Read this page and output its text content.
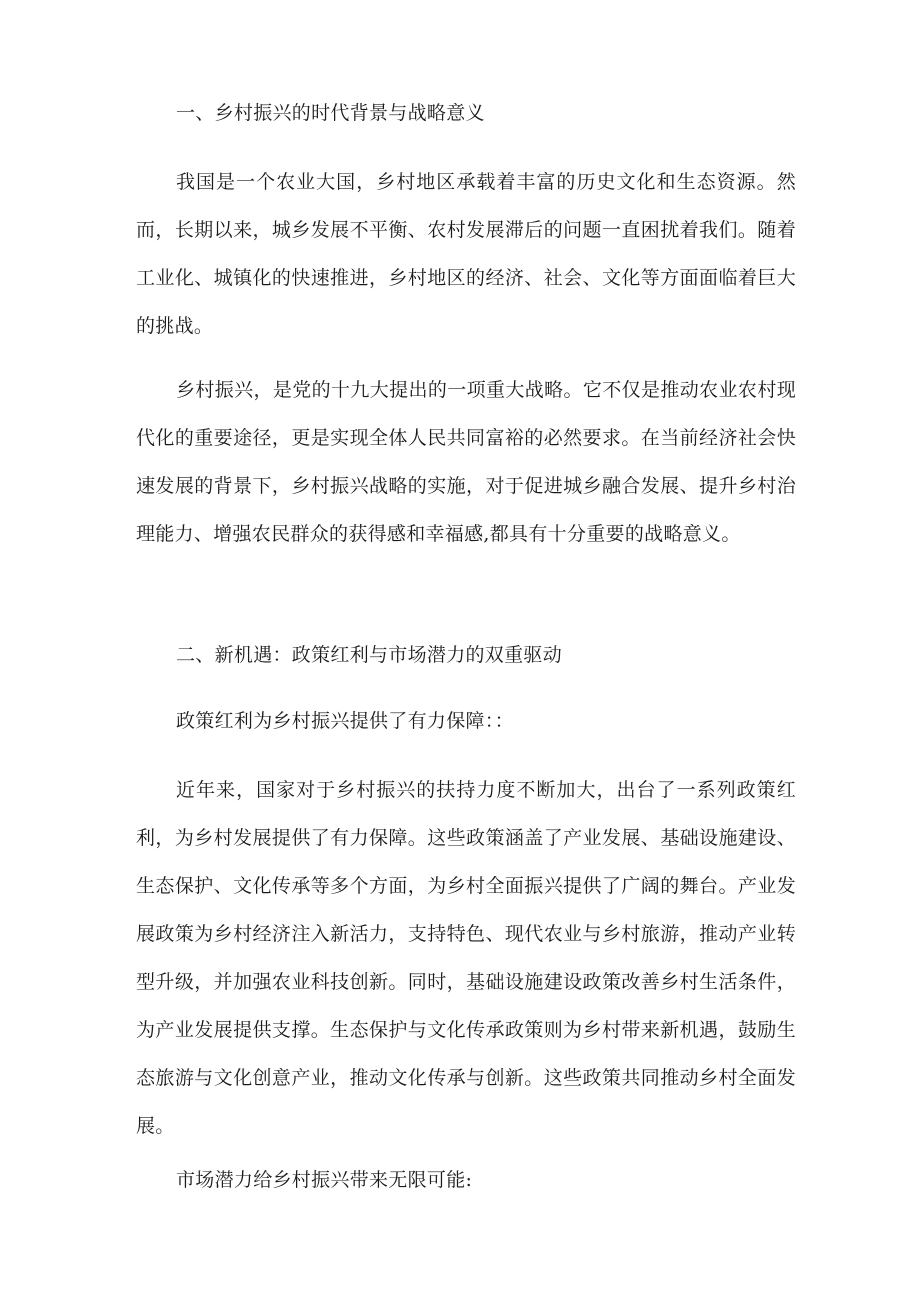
一、乡村振兴的时代背景与战略意义

我国是一个农业大国，乡村地区承载着丰富的历史文化和生态资源。然而，长期以来，城乡发展不平衡、农村发展滞后的问题一直困扰着我们。随着工业化、城镇化的快速推进，乡村地区的经济、社会、文化等方面面临着巨大的挑战。

乡村振兴，是党的十九大提出的一项重大战略。它不仅是推动农业农村现代化的重要途径，更是实现全体人民共同富裕的必然要求。在当前经济社会快速发展的背景下，乡村振兴战略的实施，对于促进城乡融合发展、提升乡村治理能力、增强农民群众的获得感和幸福感,都具有十分重要的战略意义。

二、新机遇：政策红利与市场潜力的双重驱动

政策红利为乡村振兴提供了有力保障：：

近年来，国家对于乡村振兴的扶持力度不断加大，出台了一系列政策红利，为乡村发展提供了有力保障。这些政策涵盖了产业发展、基础设施建设、生态保护、文化传承等多个方面，为乡村全面振兴提供了广阔的舞台。产业发展政策为乡村经济注入新活力，支持特色、现代农业与乡村旅游，推动产业转型升级，并加强农业科技创新。同时，基础设施建设政策改善乡村生活条件，为产业发展提供支撑。生态保护与文化传承政策则为乡村带来新机遇，鼓励生态旅游与文化创意产业，推动文化传承与创新。这些政策共同推动乡村全面发展。

市场潜力给乡村振兴带来无限可能:
